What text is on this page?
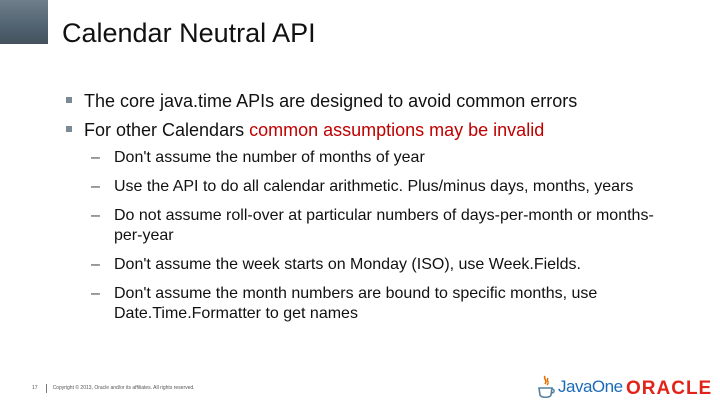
Calendar Neutral API
The core java.time APIs are designed to avoid common errors
For other Calendars common assumptions may be invalid
– Don't assume the number of months of year
– Use the API to do all calendar arithmetic. Plus/minus days, months, years
– Do not assume roll-over at particular numbers of days-per-month or months-per-year
– Don't assume the week starts on Monday (ISO), use Week.Fields.
– Don't assume the month numbers are bound to specific months, use Date.Time.Formatter to get names
17	Copyright © 2013, Oracle and/or its affiliates. All rights reserved.	JavaOne ORACLE
